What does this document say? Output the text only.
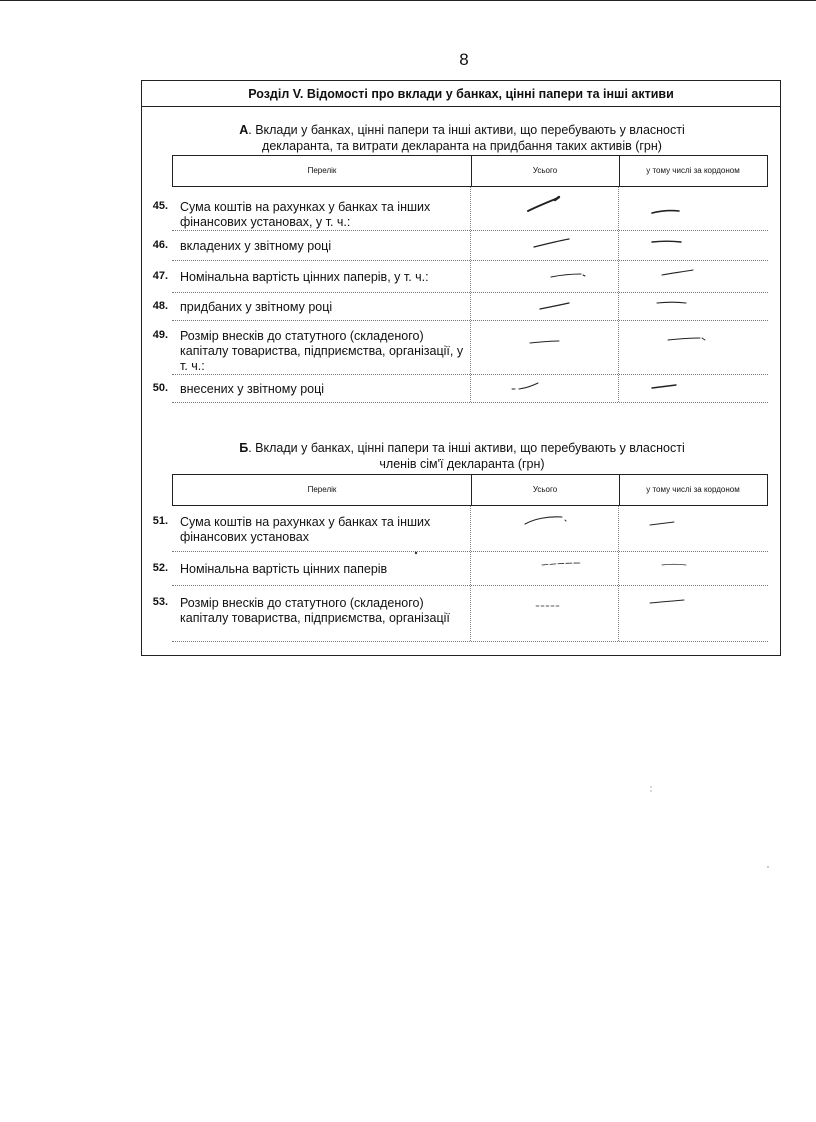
8
Розділ V. Відомості про вклади у банках, цінні папери та інші активи
А. Вклади у банках, цінні папери та інші активи, що перебувають у власності
декларанта, та витрати декларанта на придбання таких активів (грн)
Перелік	Усього	у тому числі за кордоном
45. Сума коштів на рахунках у банках та інших фінансових установах, у т. ч.:
46. вкладених у звітному році
47. Номінальна вартість цінних паперів, у т. ч.:
48. придбаних у звітному році
49. Розмір внесків до статутного (складеного) капіталу товариства, підприємства, організації, у т. ч.:
50. внесених у звітному році
Б. Вклади у банках, цінні папери та інші активи, що перебувають у власності
членів сім'ї декларанта (грн)
Перелік	Усього	у тому числі за кордоном
51. Сума коштів на рахунках у банках та інших фінансових установах
52. Номінальна вартість цінних паперів
53. Розмір внесків до статутного (складеного) капіталу товариства, підприємства, організації
